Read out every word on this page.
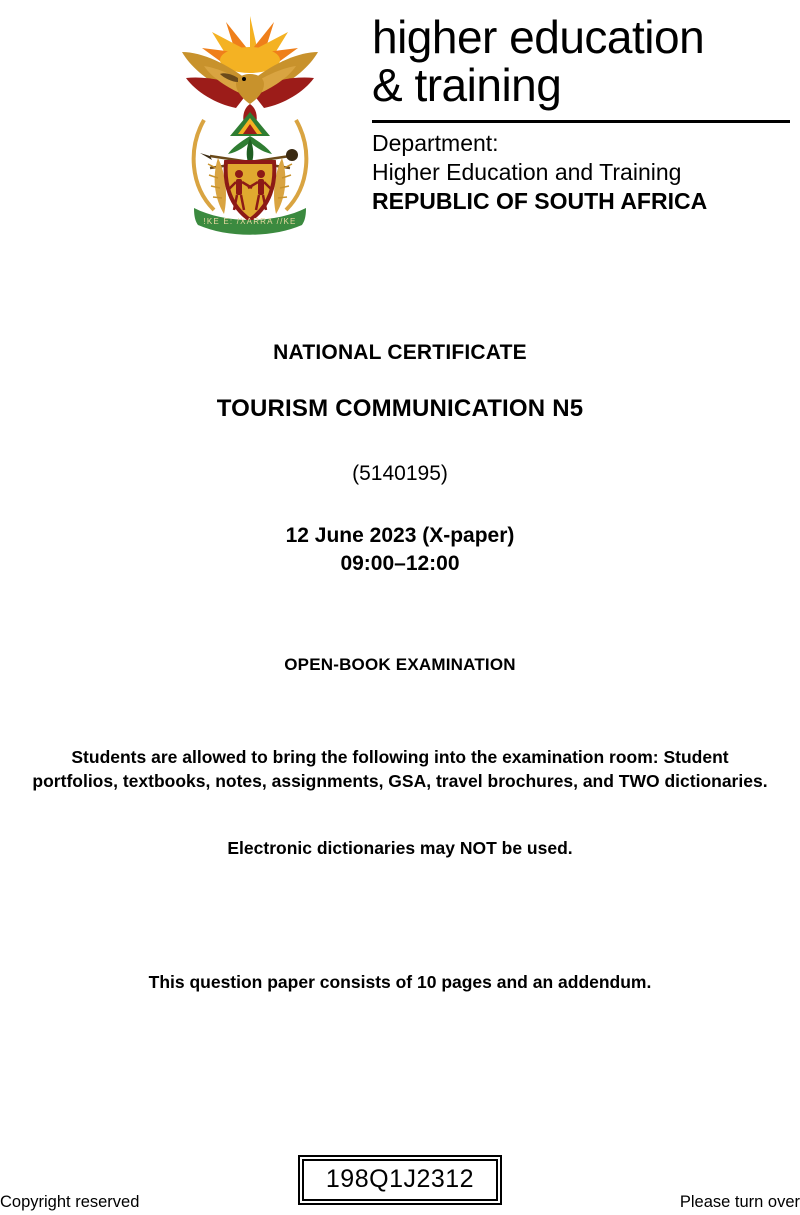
!KE E: /XARRA //KE
higher education
& training
Department:
Higher Education and Training
REPUBLIC OF SOUTH AFRICA
NATIONAL CERTIFICATE
TOURISM COMMUNICATION N5
(5140195)
12 June 2023 (X-paper)
09:00–12:00
OPEN-BOOK EXAMINATION
Students are allowed to bring the following into the examination room: Student portfolios, textbooks, notes, assignments, GSA, travel brochures, and TWO dictionaries.
Electronic dictionaries may NOT be used.
This question paper consists of 10 pages and an addendum.
198Q1J2312
Copyright reserved	Please turn over
